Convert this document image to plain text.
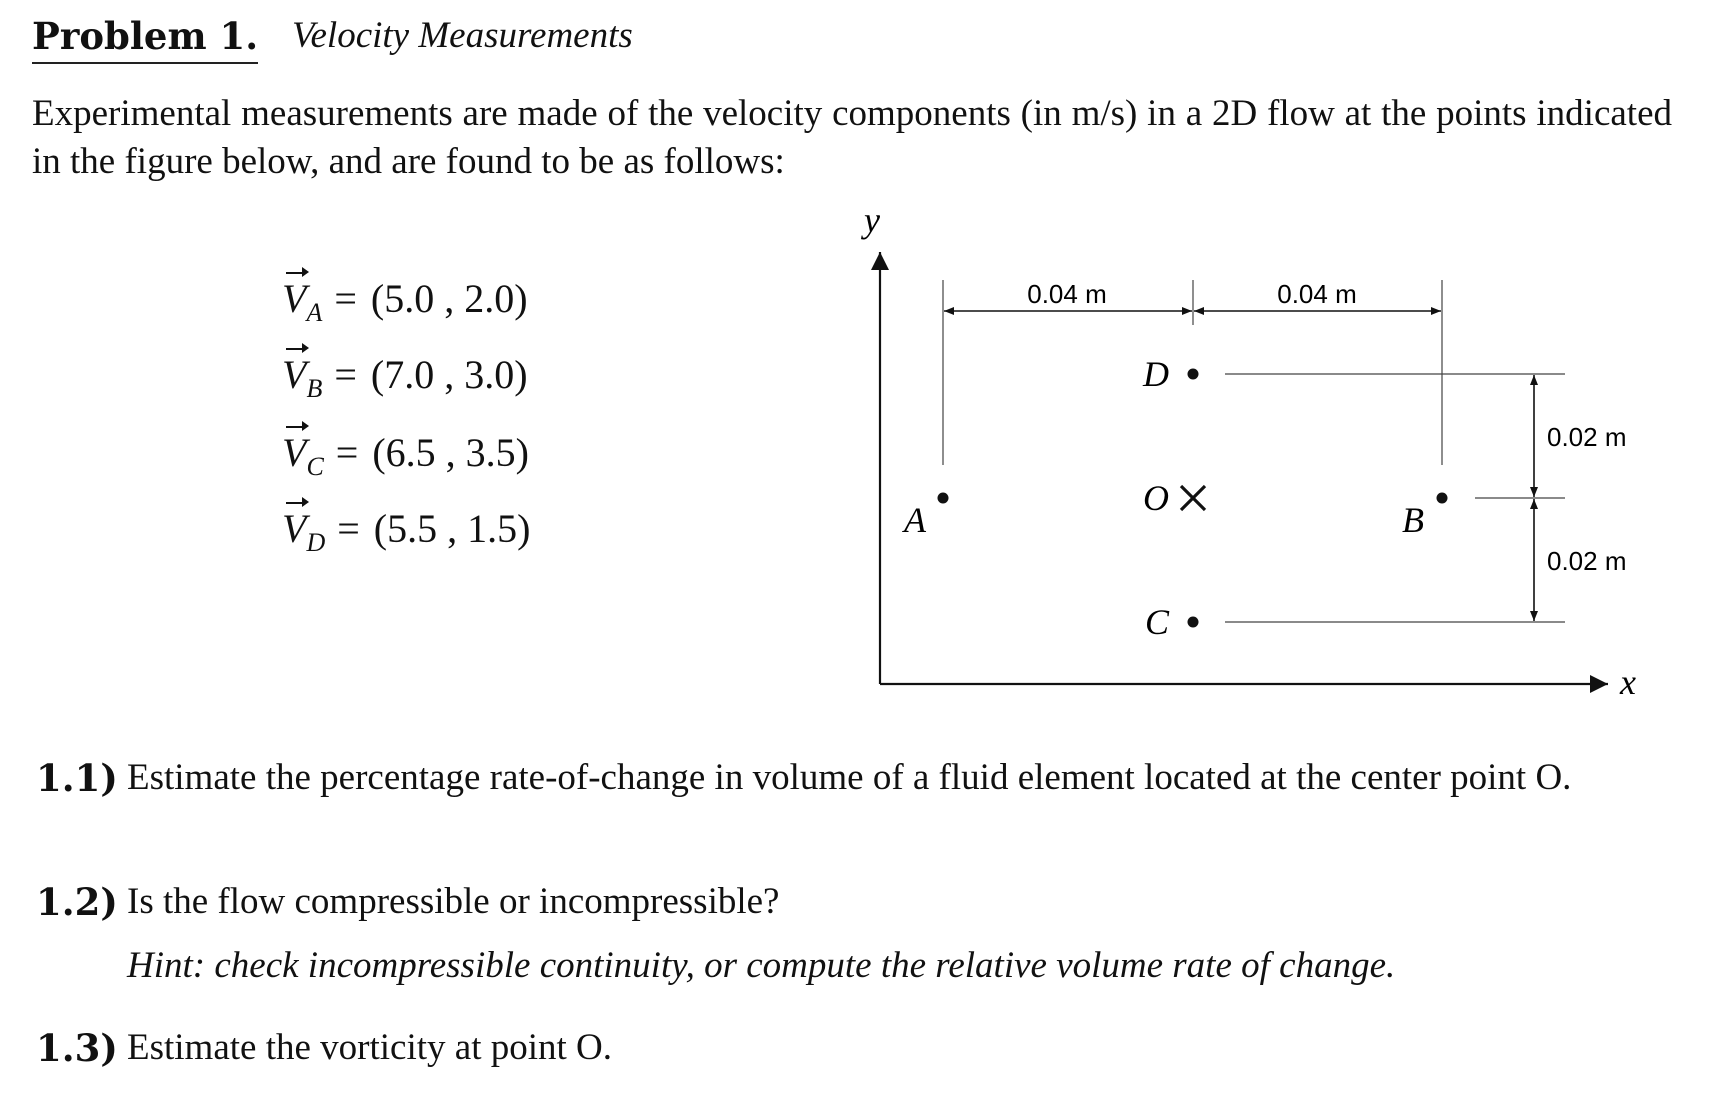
Problem 1. Velocity Measurements
Experimental measurements are made of the velocity components (in m/s) in a 2D flow at the points indicated in the figure below, and are found to be as follows:
$V_A = (5.0$ , 2.0)
$V_B = (7.0$ , 3.0)
$V_C = (6.5$ , 3.5)
$V_D = (5.5$ , 1.5)
y
x
0.04 m	0.04 m
0.02 m
0.02 m
A	B
D
C
O
1.1) Estimate the percentage rate-of-change in volume of a fluid element located at the center point O.
1.2) Is the flow compressible or incompressible?
Hint: check incompressible continuity, or compute the relative volume rate of change.
1.3) Estimate the vorticity at point O.
